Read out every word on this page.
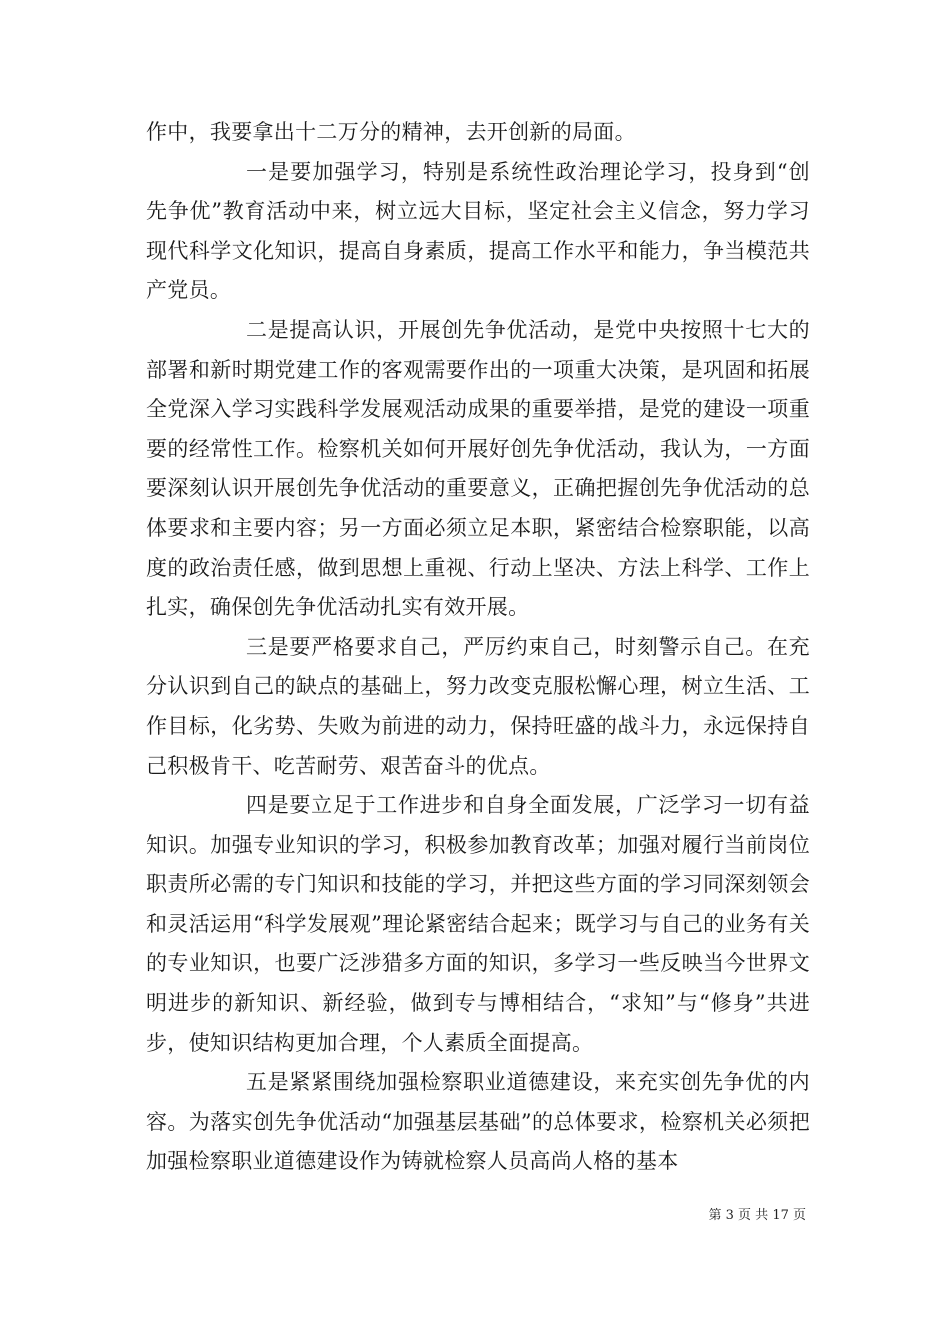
作中，我要拿出十二万分的精神，去开创新的局面。

一是要加强学习，特别是系统性政治理论学习，投身到“创先争优”教育活动中来，树立远大目标，坚定社会主义信念，努力学习现代科学文化知识，提高自身素质，提高工作水平和能力，争当模范共产党员。

二是提高认识，开展创先争优活动，是党中央按照十七大的部署和新时期党建工作的客观需要作出的一项重大决策，是巩固和拓展全党深入学习实践科学发展观活动成果的重要举措，是党的建设一项重要的经常性工作。检察机关如何开展好创先争优活动，我认为，一方面要深刻认识开展创先争优活动的重要意义，正确把握创先争优活动的总体要求和主要内容；另一方面必须立足本职，紧密结合检察职能，以高度的政治责任感，做到思想上重视、行动上坚决、方法上科学、工作上扎实，确保创先争优活动扎实有效开展。

三是要严格要求自己，严厉约束自己，时刻警示自己。在充分认识到自己的缺点的基础上，努力改变克服松懈心理，树立生活、工作目标，化劣势、失败为前进的动力，保持旺盛的战斗力，永远保持自己积极肯干、吃苦耐劳、艰苦奋斗的优点。

四是要立足于工作进步和自身全面发展，广泛学习一切有益知识。加强专业知识的学习，积极参加教育改革；加强对履行当前岗位职责所必需的专门知识和技能的学习，并把这些方面的学习同深刻领会和灵活运用“科学发展观”理论紧密结合起来；既学习与自己的业务有关的专业知识，也要广泛涉猎多方面的知识，多学习一些反映当今世界文明进步的新知识、新经验，做到专与博相结合，“求知”与“修身”共进步，使知识结构更加合理，个人素质全面提高。

五是紧紧围绕加强检察职业道德建设，来充实创先争优的内容。为落实创先争优活动“加强基层基础”的总体要求，检察机关必须把加强检察职业道德建设作为铸就检察人员高尚人格的基本

第 3 页 共 17 页
